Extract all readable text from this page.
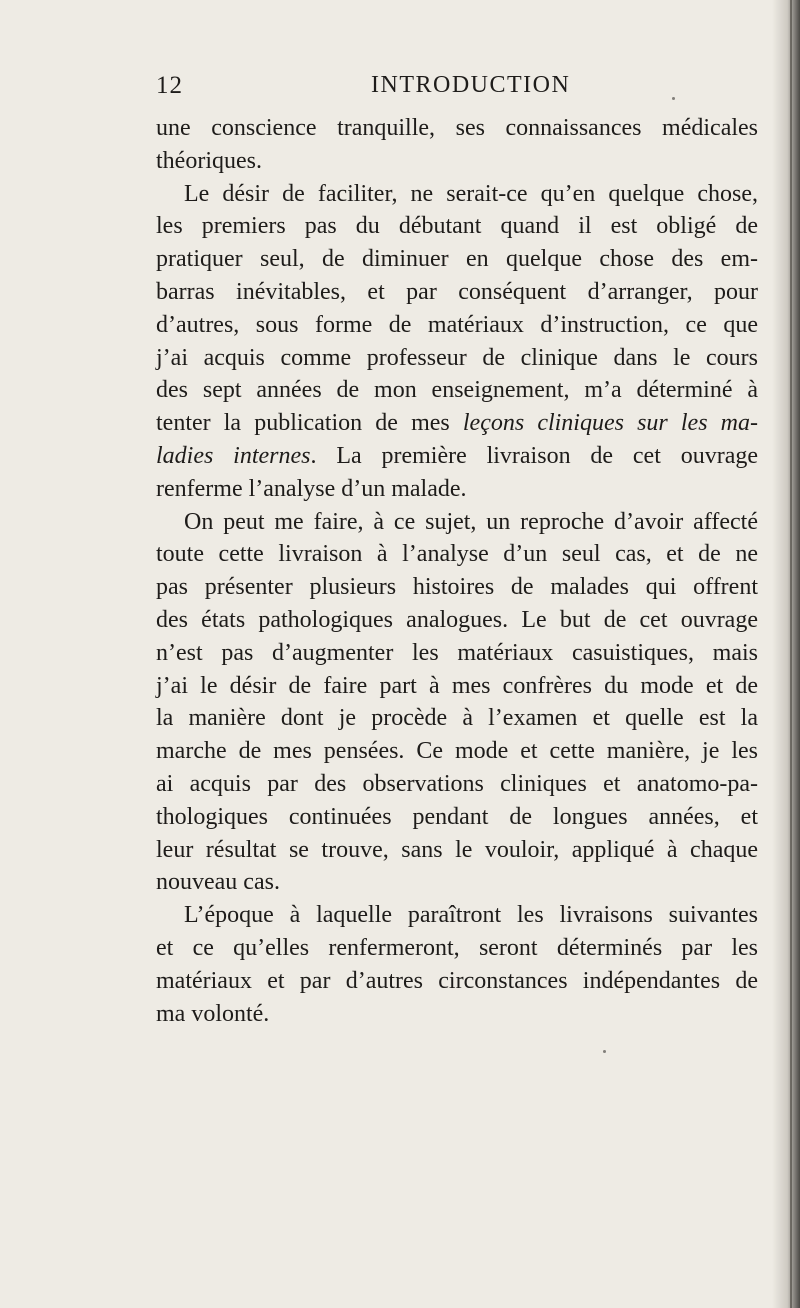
12	INTRODUCTION
une conscience tranquille, ses connaissances médicales
théoriques.
Le désir de faciliter, ne serait-ce qu’en quelque chose,
les premiers pas du débutant quand il est obligé de
pratiquer seul, de diminuer en quelque chose des em-
barras inévitables, et par conséquent d’arranger, pour
d’autres, sous forme de matériaux d’instruction, ce que
j’ai acquis comme professeur de clinique dans le cours
des sept années de mon enseignement, m’a déterminé à
tenter la publication de mes leçons cliniques sur les ma-
ladies internes. La première livraison de cet ouvrage
renferme l’analyse d’un malade.
On peut me faire, à ce sujet, un reproche d’avoir affecté
toute cette livraison à l’analyse d’un seul cas, et de ne
pas présenter plusieurs histoires de malades qui offrent
des états pathologiques analogues. Le but de cet ouvrage
n’est pas d’augmenter les matériaux casuistiques, mais
j’ai le désir de faire part à mes confrères du mode et de
la manière dont je procède à l’examen et quelle est la
marche de mes pensées. Ce mode et cette manière, je les
ai acquis par des observations cliniques et anatomo-pa-
thologiques continuées pendant de longues années, et
leur résultat se trouve, sans le vouloir, appliqué à chaque
nouveau cas.
L’époque à laquelle paraîtront les livraisons suivantes
et ce qu’elles renfermeront, seront déterminés par les
matériaux et par d’autres circonstances indépendantes de
ma volonté.
